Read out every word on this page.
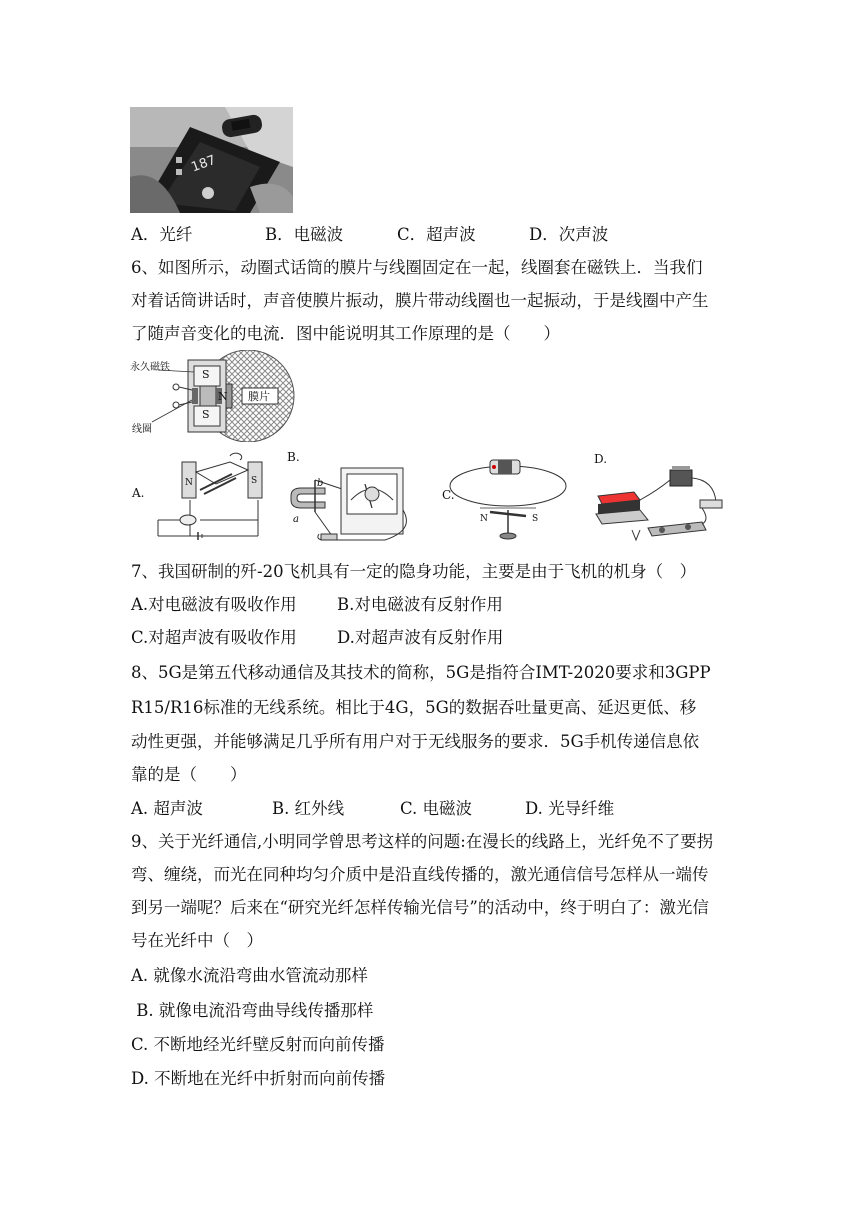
187
A．光纤	B．电磁波	C．超声波	D．次声波
6、如图所示，动圈式话筒的膜片与线圈固定在一起，线圈套在磁铁上．当我们
对着话筒讲话时，声音使膜片振动，膜片带动线圈也一起振动，于是线圈中产生
了随声音变化的电流．图中能说明其工作原理的是（　　）
永久磁铁
线圈
膜片
S
N
S
A.
N	S
B.
a
b
C.
N	S
D.
7、我国研制的歼-20飞机具有一定的隐身功能，主要是由于飞机的机身（　）
A.对电磁波有吸收作用 B.对电磁波有反射作用
C.对超声波有吸收作用 D.对超声波有反射作用
8、5G是第五代移动通信及其技术的简称，5G是指符合IMT-2020要求和3GPP
R15/R16标准的无线系统。相比于4G，5G的数据吞吐量更高、延迟更低、移
动性更强，并能够满足几乎所有用户对于无线服务的要求．5G手机传递信息依
靠的是（　　）
A. 超声波	B. 红外线	C. 电磁波	D. 光导纤维
9、关于光纤通信,小明同学曾思考这样的问题:在漫长的线路上，光纤免不了要拐
弯、缠绕，而光在同种均匀介质中是沿直线传播的，激光通信信号怎样从一端传
到另一端呢？后来在“研究光纤怎样传输光信号”的活动中，终于明白了：激光信
号在光纤中（　）
A. 就像水流沿弯曲水管流动那样
B. 就像电流沿弯曲导线传播那样
C. 不断地经光纤壁反射而向前传播
D. 不断地在光纤中折射而向前传播
